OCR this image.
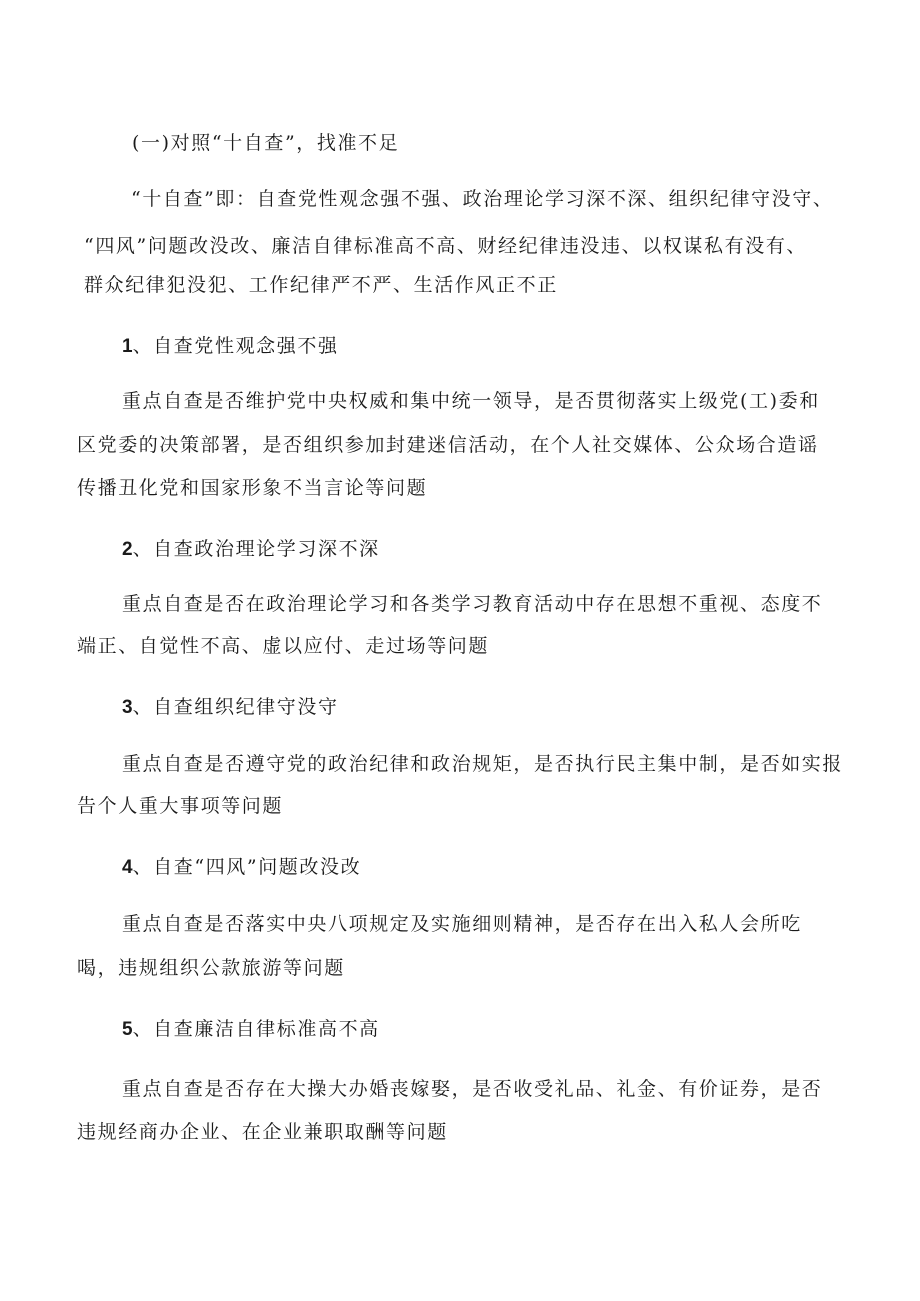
(一)对照“十自查”，找准不足
“十自查”即：自查党性观念强不强、政治理论学习深不深、组织纪律守没守、
“四风”问题改没改、廉洁自律标准高不高、财经纪律违没违、以权谋私有没有、
群众纪律犯没犯、工作纪律严不严、生活作风正不正
1、自查党性观念强不强
重点自查是否维护党中央权威和集中统一领导，是否贯彻落实上级党(工)委和
区党委的决策部署，是否组织参加封建迷信活动，在个人社交媒体、公众场合造谣
传播丑化党和国家形象不当言论等问题
2、自查政治理论学习深不深
重点自查是否在政治理论学习和各类学习教育活动中存在思想不重视、态度不
端正、自觉性不高、虚以应付、走过场等问题
3、自查组织纪律守没守
重点自查是否遵守党的政治纪律和政治规矩，是否执行民主集中制，是否如实报
告个人重大事项等问题
4、自查“四风”问题改没改
重点自查是否落实中央八项规定及实施细则精神，是否存在出入私人会所吃
喝，违规组织公款旅游等问题
5、自查廉洁自律标准高不高
重点自查是否存在大操大办婚丧嫁娶，是否收受礼品、礼金、有价证券，是否
违规经商办企业、在企业兼职取酬等问题
